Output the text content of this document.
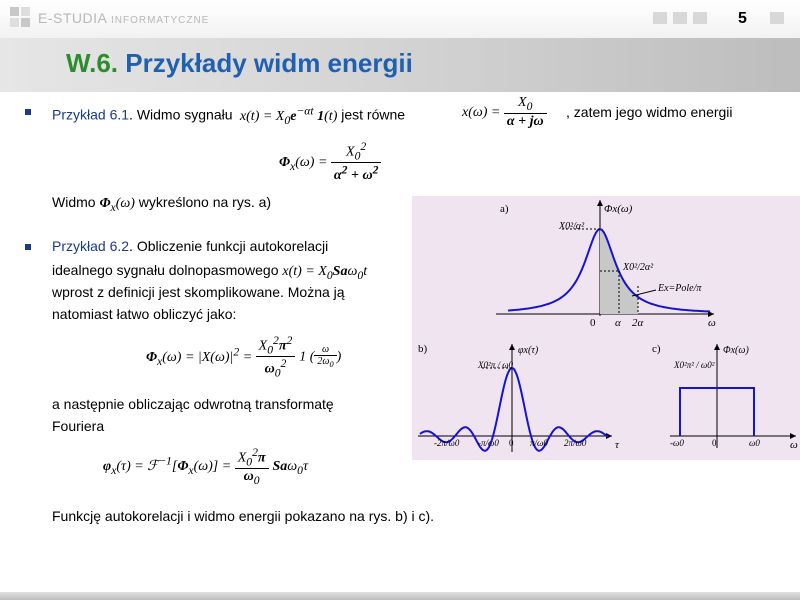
E-STUDIA INFORMATYCZNE	5
W.6. Przykłady widm energii
Przykład 6.1. Widmo sygnału  $x(t) = X_0e^{-\alpha t}$ 1(t) jest równe	$x(\omega) = \frac{X_0}{\alpha + j\omega}$ , zatem jego widmo energii
$\Phi_x(\omega) = \frac{X_0^2}{\alpha^2 + \omega^2}$
Widmo $\Phi_x(\omega)$ wykreślono na rys. a)
Przykład 6.2. Obliczenie funkcji autokorelacji
idealnego sygnału dolnopasmowego $x(t) = X_0Sa\omega_0t$
wprost z definicji jest skomplikowane. Można ją
natomiast łatwo obliczyć jako:
$\Phi_x(\omega) = |X(\omega)|^2 = \frac{X_0^2\pi^2}{\omega_0^2} 1$ ( $\frac{\omega}{2\omega_0}$ )
a następnie obliczając odwrotną transformatę
Fouriera
$\varphi_x(\tau)$ = $ℱ^{-1}[\Phi_x(\omega)] = \frac{X_0^2\pi}{\omega_0} Sa\omega_0\tau$
Funkcję autokorelacji i widmo energii pokazano na rys. b) i c).
a)	Φx(ω)
X0²/α²
X0²/2α²
Ex=Pole/π
0 α 2α	ω
b)	φx(τ)
X0²π / ω0
-2π/ω0 -π/ω0 0 π/ω0 2π/ω0	τ
c)	Φx(ω)
X0²π² / ω0²
-ω0	0	ω0	ω
